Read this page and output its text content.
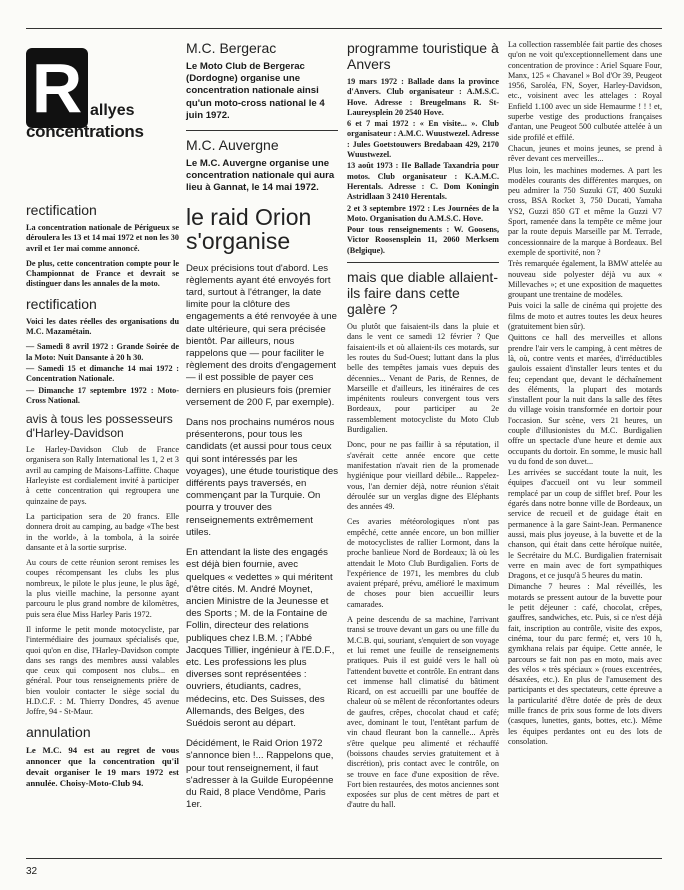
R allyes
concentrations
rectification

La concentration nationale de Périgueux se déroulera les 13 et 14 mai 1972 et non les 30 avril et 1er mai comme annoncé.

De plus, cette concentration compte pour le Championnat de France et devrait se distinguer dans les annales de la moto.

rectification

Voici les dates réelles des organisations du M.C. Mazamétain.

— Samedi 8 avril 1972 : Grande Soirée de la Moto: Nuit Dansante à 20 h 30.

— Samedi 15 et dimanche 14 mai 1972 : Concentration Nationale.

— Dimanche 17 septembre 1972 : Moto-Cross National.

avis à tous les possesseurs d'Harley-Davidson

Le Harley-Davidson Club de France organisera son Rally International les 1, 2 et 3 avril au camping de Maisons-Laffitte. Chaque Harleyiste est cordialement invité à participer à cette concentration qui regroupera une quinzaine de pays.

La participation sera de 20 francs. Elle donnera droit au camping, au badge «The best in the world», à la tombola, à la soirée dansante et à la sortie surprise.

Au cours de cette réunion seront remises les coupes récompensant les clubs les plus nombreux, le pilote le plus jeune, le plus âgé, la plus vieille machine, la personne ayant parcouru le plus grand nombre de kilomètres, puis sera élue Miss Harley Paris 1972.

Il informe le petit monde motocycliste, par l'intermédiaire des journaux spécialisés que, quoi qu'on en dise, l'Harley-Davidson compte dans ses rangs des membres aussi valables que ceux qui composent nos clubs... en général. Pour tous renseignements prière de bien vouloir contacter le siège social du H.D.C.F. : M. Thierry Dondres, 45 avenue Joffre, 94 - St-Maur.

annulation

Le M.C. 94 est au regret de vous annoncer que la concentration qu'il devait organiser le 19 mars 1972 est annulée. Choisy-Moto-Club 94.

M.C. Bergerac

Le Moto Club de Bergerac (Dordogne) organise une concentration nationale ainsi qu'un moto-cross national le 4 juin 1972.

M.C. Auvergne

Le M.C. Auvergne organise une concentration nationale qui aura lieu à Gannat, le 14 mai 1972.

le raid Orion s'organise

Deux précisions tout d'abord. Les règlements ayant été envoyés fort tard, surtout à l'étranger, la date limite pour la clôture des engagements a été renvoyée à une date ultérieure, qui sera précisée bientôt. Par ailleurs, nous rappelons que — pour faciliter le règlement des droits d'engagement — il est possible de payer ces derniers en plusieurs fois (premier versement de 200 F, par exemple).

Dans nos prochains numéros nous présenterons, pour tous les candidats (et aussi pour tous ceux qui sont intéressés par les voyages), une étude touristique des différents pays traversés, en commençant par la Turquie. On pourra y trouver des renseignements extrêmement utiles.

En attendant la liste des engagés est déjà bien fournie, avec quelques « vedettes » qui méritent d'être cités. M. André Moynet, ancien Ministre de la Jeunesse et des Sports ; M. de la Fontaine de Follin, directeur des relations publiques chez I.B.M. ; l'Abbé Jacques Tillier, ingénieur à l'E.D.F., etc. Les professions les plus diverses sont représentées : ouvriers, étudiants, cadres, médecins, etc. Des Suisses, des Allemands, des Belges, des Suédois seront au départ.

Décidément, le Raid Orion 1972 s'annonce bien !... Rappelons que, pour tout renseignement, il faut s'adresser à la Guilde Européenne du Raid, 8 place Vendôme, Paris 1er.

programme touristique à Anvers

19 mars 1972 : Ballade dans la province d'Anvers. Club organisateur : A.M.S.C. Hove. Adresse : Breugelmans R. St-Laureysplein 20 2540 Hove.

6 et 7 mai 1972 : « En visite... ». Club organisateur : A.M.C. Wuustwezel. Adresse : Jules Goetstouwers Bredabaan 429, 2170 Wuustwezel.

13 août 1973 : IIe Ballade Taxandria pour motos. Club organisateur : K.A.M.C. Herentals. Adresse : C. Dom Koningin Astridlaan 3 2410 Herentals.

2 et 3 septembre 1972 : Les Journées de la Moto. Organisation du A.M.S.C. Hove.

Pour tous renseignements : W. Goosens, Victor Roosensplein 11, 2060 Merksem (Belgique).

mais que diable allaient-ils faire dans cette galère ?

Ou plutôt que faisaient-ils dans la pluie et dans le vent ce samedi 12 février ? Que faisaient-ils et où allaient-ils ces motards, sur les routes du Sud-Ouest; luttant dans la plus belle des tempêtes jamais vues depuis des décennies... Venant de Paris, de Rennes, de Marseille et d'ailleurs, les itinéraires de ces impénitents rouleurs convergent tous vers Bordeaux, pour participer au 2e rassemblement motocycliste du Moto Club Burdigalien.

Donc, pour ne pas faillir à sa réputation, il s'avérait cette année encore que cette manifestation n'avait rien de la promenade hygiénique pour vieillard débile... Rappelez-vous, l'an dernier déjà, notre réunion s'était déroulée sur un verglas digne des Eléphants des années 49.

Ces avaries météorologiques n'ont pas empêché, cette année encore, un bon millier de motocyclistes de rallier Lormont, dans la proche banlieue Nord de Bordeaux; là où les attendait le Moto Club Burdigalien. Forts de l'expérience de 1971, les membres du club avaient préparé, prévu, amélioré le maximum de choses pour bien accueillir leurs camarades.

A peine descendu de sa machine, l'arrivant transi se trouve devant un gars ou une fille du M.C.B. qui, souriant, s'enquiert de son voyage et lui remet une feuille de renseignements pratiques. Puis il est guidé vers le hall où l'attendent buvette et contrôle. En entrant dans cet immense hall climatisé du bâtiment Ricard, on est accueilli par une bouffée de chaleur où se mêlent de réconfortantes odeurs de gaufres, crêpes, chocolat chaud et café; avec, dominant le tout, l'entêtant parfum de vin chaud fleurant bon la cannelle... Après s'être quelque peu alimenté et réchauffé (boissons chaudes servies gratuitement et à discrétion), pris contact avec le contrôle, on se trouve en face d'une exposition de rêve. Fort bien restaurées, des motos anciennes sont exposées sur plus de cent mètres de part et d'autre du hall.

La collection rassemblée fait partie des choses qu'on ne voit qu'exceptionnellement dans une concentration de province : Ariel Square Four, Manx, 125 « Chavanel » Bol d'Or 39, Peugeot 1956, Saroléa, FN, Soyer, Harley-Davidson, etc., voisinent avec les attelages : Royal Enfield 1.100 avec un side Hemaurme ! ! ! et, superbe vestige des productions françaises d'antan, une Peugeot 500 culbutée attelée à un side profilé et effilé.

Chacun, jeunes et moins jeunes, se prend à rêver devant ces merveilles...

Plus loin, les machines modernes. A part les modèles courants des différentes marques, on peu admirer la 750 Suzuki GT, 400 Suzuki cross, BSA Rocket 3, 750 Ducati, Yamaha YS2, Guzzi 850 GT et même la Guzzi V7 Sport, ramenée dans la tempête ce même jour par la route depuis Marseille par M. Terrade, concessionnaire de la marque à Bordeaux. Bel exemple de sportivité, non ?

Très remarquée également, la BMW attelée au nouveau side polyester déjà vu aux « Millevaches »; et une exposition de maquettes groupant une trentaine de modèles.

Puis voici la salle de cinéma qui projette des films de moto et autres toutes les deux heures (gratuitement bien sûr).

Quittons ce hall des merveilles et allons prendre l'air vers le camping, à cent mètres de là, où, contre vents et marées, d'irréductibles gaulois essaient d'installer leurs tentes et du feu; cependant que, devant le déchaînement des éléments, la plupart des motards s'installent pour la nuit dans la salle des fêtes du village voisin transformée en dortoir pour l'occasion. Sur scène, vers 21 heures, un couple d'illusionistes du M.C. Burdigalien offre un spectacle d'une heure et demie aux occupants du dortoir. En somme, le music hall vu du fond de son duvet...

Les arrivées se succédant toute la nuit, les équipes d'accueil ont vu leur sommeil remplacé par un coup de sifflet bref. Pour les égarés dans notre bonne ville de Bordeaux, un service de recueil et de guidage était en permanence à la gare Saint-Jean. Permanence aussi, mais plus joyeuse, à la buvette et de la chanson, qui était dans cette héroïque nuitée, le Secrétaire du M.C. Burdigalien fraternisait verre en main avec de fort sympathiques Dragons, et ce jusqu'à 5 heures du matin.

Dimanche 7 heures : Mal réveillés, les motards se pressent autour de la buvette pour le petit déjeuner : café, chocolat, crêpes, gauffres, sandwiches, etc. Puis, si ce n'est déjà fait, inscription au contrôle, visite des expos, cinéma, tour du parc fermé; et, vers 10 h, gymkhana relais par équipe. Cette année, le parcours se fait non pas en moto, mais avec des vélos « très spéciaux » (roues excentrées, désaxées, etc.). En plus de l'amusement des participants et des spectateurs, cette épreuve a la particularité d'être dotée de près de deux mille francs de prix sous forme de lots divers (casques, lunettes, gants, bottes, etc.). Même les équipes perdantes ont eu des lots de consolation.

32
